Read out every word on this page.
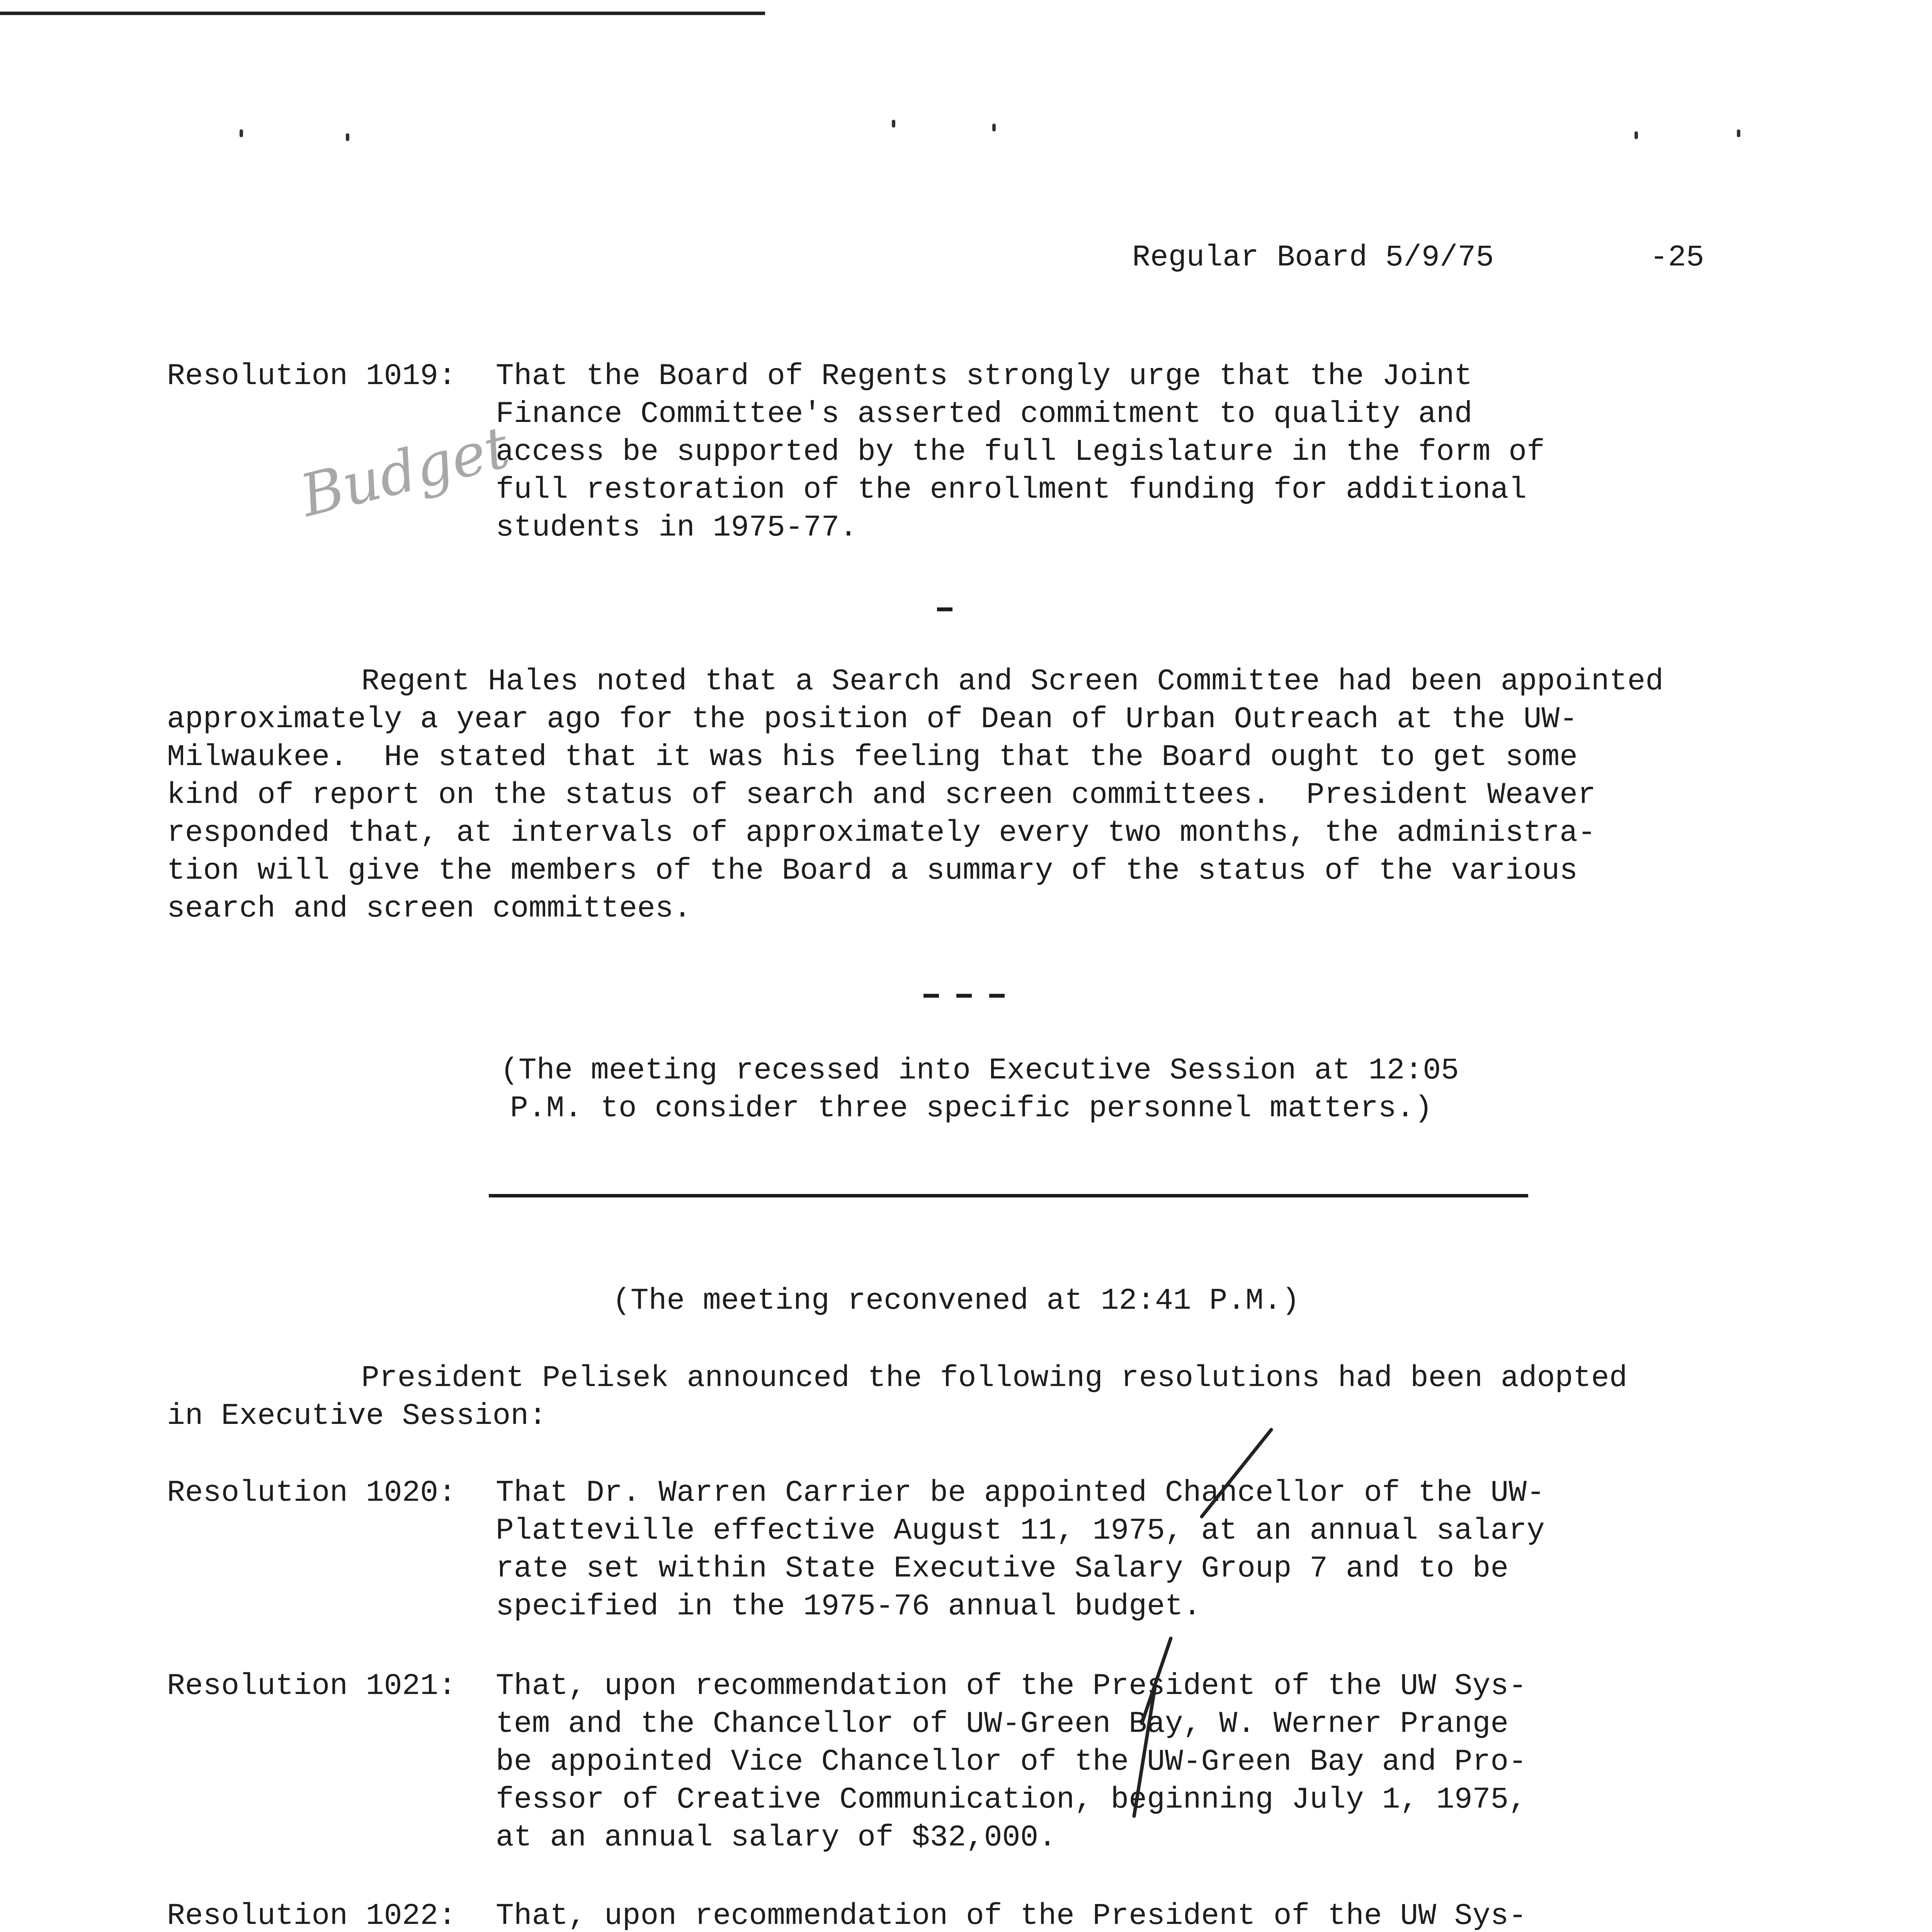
Regular Board 5/9/75	-25
Resolution 1019: That the Board of Regents strongly urge that the Joint
Finance Committee's asserted commitment to quality and
access be supported by the full Legislature in the form of
full restoration of the enrollment funding for additional
students in 1975-77.
Budget
Regent Hales noted that a Search and Screen Committee had been appointed
approximately a year ago for the position of Dean of Urban Outreach at the UW-
Milwaukee.  He stated that it was his feeling that the Board ought to get some
kind of report on the status of search and screen committees.  President Weaver
responded that, at intervals of approximately every two months, the administra-
tion will give the members of the Board a summary of the status of the various
search and screen committees.
(The meeting recessed into Executive Session at 12:05
P.M. to consider three specific personnel matters.)
(The meeting reconvened at 12:41 P.M.)
President Pelisek announced the following resolutions had been adopted
in Executive Session:
Resolution 1020: That Dr. Warren Carrier be appointed Chancellor of the UW-
Platteville effective August 11, 1975, at an annual salary
rate set within State Executive Salary Group 7 and to be
specified in the 1975-76 annual budget.
Resolution 1021: That, upon recommendation of the President of the UW Sys-
tem and the Chancellor of UW-Green Bay, W. Werner Prange
be appointed Vice Chancellor of the UW-Green Bay and Pro-
fessor of Creative Communication, beginning July 1, 1975,
at an annual salary of $32,000.
Resolution 1022: That, upon recommendation of the President of the UW Sys-
